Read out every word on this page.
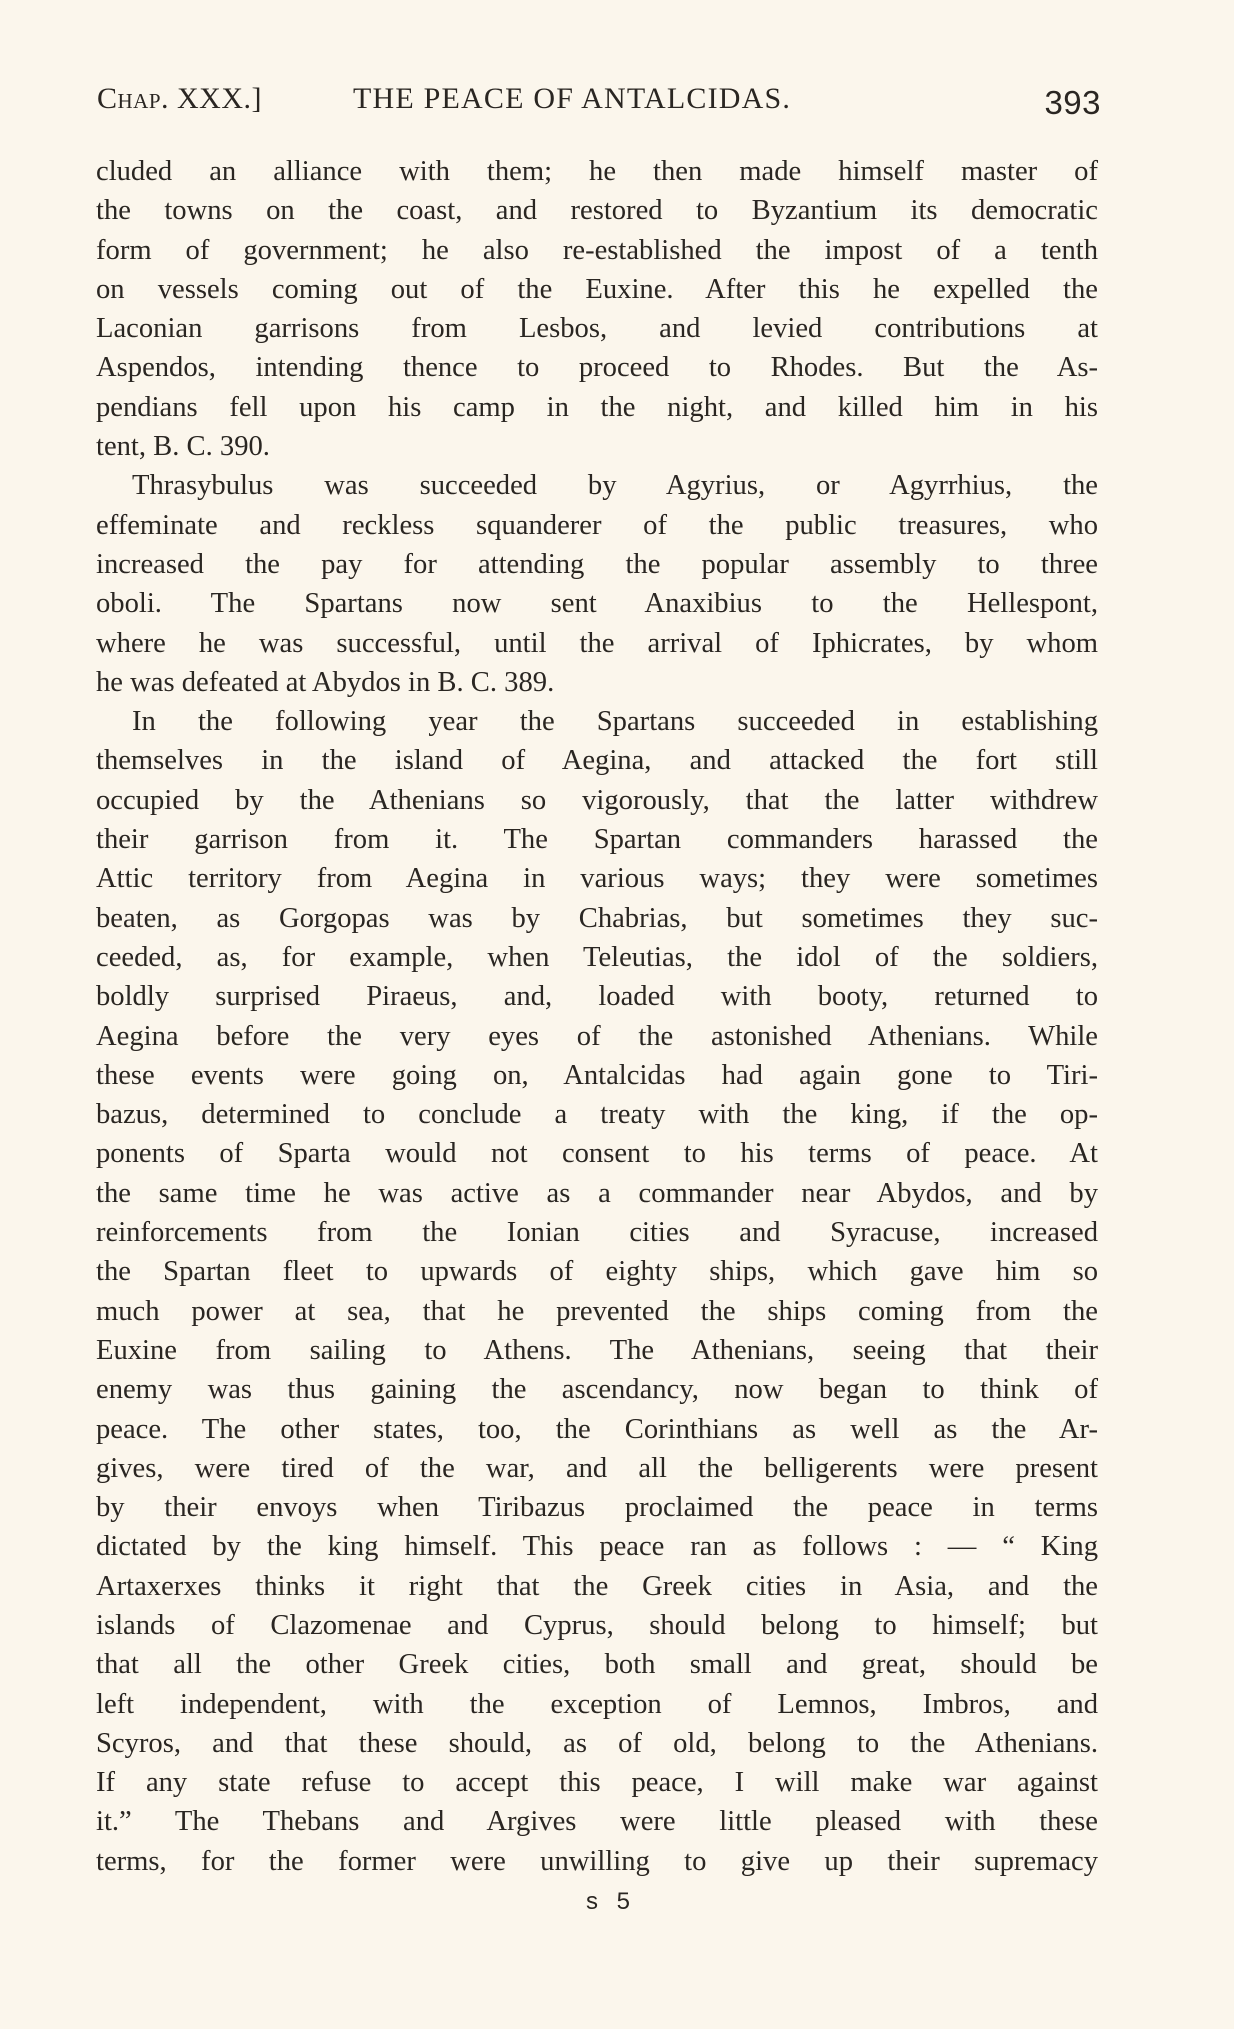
Chap. XXX.]	THE PEACE OF ANTALCIDAS.	393
cluded an alliance with them; he then made himself master of
the towns on the coast, and restored to Byzantium its democratic
form of government; he also re-established the impost of a tenth
on vessels coming out of the Euxine. After this he expelled the
Laconian garrisons from Lesbos, and levied contributions at
Aspendos, intending thence to proceed to Rhodes. But the As-
pendians fell upon his camp in the night, and killed him in his
tent, B. C. 390.
Thrasybulus was succeeded by Agyrius, or Agyrrhius, the
effeminate and reckless squanderer of the public treasures, who
increased the pay for attending the popular assembly to three
oboli. The Spartans now sent Anaxibius to the Hellespont,
where he was successful, until the arrival of Iphicrates, by whom
he was defeated at Abydos in B. C. 389.
In the following year the Spartans succeeded in establishing
themselves in the island of Aegina, and attacked the fort still
occupied by the Athenians so vigorously, that the latter withdrew
their garrison from it. The Spartan commanders harassed the
Attic territory from Aegina in various ways; they were sometimes
beaten, as Gorgopas was by Chabrias, but sometimes they suc-
ceeded, as, for example, when Teleutias, the idol of the soldiers,
boldly surprised Piraeus, and, loaded with booty, returned to
Aegina before the very eyes of the astonished Athenians. While
these events were going on, Antalcidas had again gone to Tiri-
bazus, determined to conclude a treaty with the king, if the op-
ponents of Sparta would not consent to his terms of peace. At
the same time he was active as a commander near Abydos, and by
reinforcements from the Ionian cities and Syracuse, increased
the Spartan fleet to upwards of eighty ships, which gave him so
much power at sea, that he prevented the ships coming from the
Euxine from sailing to Athens. The Athenians, seeing that their
enemy was thus gaining the ascendancy, now began to think of
peace. The other states, too, the Corinthians as well as the Ar-
gives, were tired of the war, and all the belligerents were present
by their envoys when Tiribazus proclaimed the peace in terms
dictated by the king himself. This peace ran as follows : — “ King
Artaxerxes thinks it right that the Greek cities in Asia, and the
islands of Clazomenae and Cyprus, should belong to himself; but
that all the other Greek cities, both small and great, should be
left independent, with the exception of Lemnos, Imbros, and
Scyros, and that these should, as of old, belong to the Athenians.
If any state refuse to accept this peace, I will make war against
it.” The Thebans and Argives were little pleased with these
terms, for the former were unwilling to give up their supremacy
s 5
